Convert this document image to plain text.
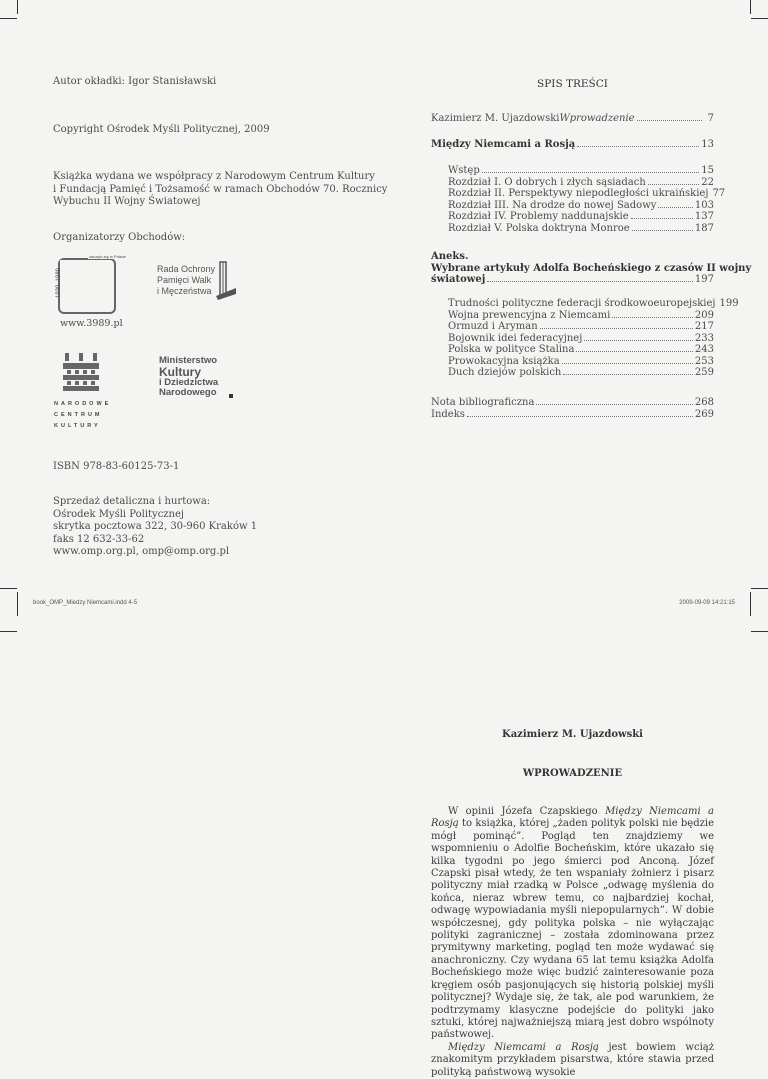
Autor okładki: Igor Stanisławski
Copyright Ośrodek Myśli Politycznej, 2009
Książka wydana we współpracy z Narodowym Centrum Kultury
i Fundacją Pamięć i Tożsamość w ramach Obchodów 70. Rocznicy
Wybuchu II Wojny Światowej
Organizatorzy Obchodów:
zaczęło się w Polsce
1939–1989
www.3989.pl
Rada Ochrony
Pamięci Walk
i Męczeństwa
NARODOWE
CENTRUM
KULTURY
Ministerstwo
Kultury
i Dziedzictwa
Narodowego
ISBN 978-83-60125-73-1
Sprzedaż detaliczna i hurtowa:
Ośrodek Myśli Politycznej
skrytka pocztowa 322, 30-960 Kraków 1
faks 12 632-33-62
www.omp.org.pl, omp@omp.org.pl
SPIS TREŚCI
Kazimierz M. Ujazdowski Wprowadzenie	7
Między Niemcami a Rosją	13
Wstęp	15
Rozdział I. O dobrych i złych sąsiadach	22
Rozdział II. Perspektywy niepodległości ukraińskiej 77
Rozdział III. Na drodze do nowej Sadowy	103
Rozdział IV. Problemy naddunajskie	137
Rozdział V. Polska doktryna Monroe	187
Aneks.
Wybrane artykuły Adolfa Bocheńskiego z czasów II wojny
światowej	197
Trudności polityczne federacji środkowoeuropejskiej 199
Wojna prewencyjna z Niemcami	209
Ormuzd i Aryman	217
Bojownik idei federacyjnej	233
Polska w polityce Stalina	243
Prowokacyjna książka	253
Duch dziejów polskich	259
Nota bibliograficzna	268
Indeks	269
book_OMP_Miedzy Niemcami.indd 4-5	2009-09-09 14:21:15
Kazimierz M. Ujazdowski
WPROWADZENIE

W opinii Józefa Czapskiego Między Niemcami a Rosją to książka, której „żaden polityk polski nie będzie mógł pominąć”. Pogląd ten znajdziemy we wspomnieniu o Adolfie Bocheńskim, które ukazało się kilka tygodni po jego śmierci pod Anconą. Józef Czapski pisał wtedy, że ten wspaniały żołnierz i pisarz polityczny miał rzadką w Polsce „odwagę myślenia do końca, nieraz wbrew temu, co najbardziej kochał, odwagę wypowiadania myśli niepopularnych”. W dobie współczesnej, gdy polityka polska – nie wyłączając polityki zagranicznej – została zdominowana przez prymitywny marketing, pogląd ten może wydawać się anachroniczny. Czy wydana 65 lat temu książka Adolfa Bocheńskiego może więc budzić zainteresowanie poza kręgiem osób pasjonujących się historią polskiej myśli politycznej? Wydaje się, że tak, ale pod warunkiem, że podtrzymamy klasyczne podejście do polityki jako sztuki, której najważniejszą miarą jest dobro wspólnoty państwowej.

Między Niemcami a Rosją jest bowiem wciąż znakomitym przykładem pisarstwa, które stawia przed polityką państwową wysokie
